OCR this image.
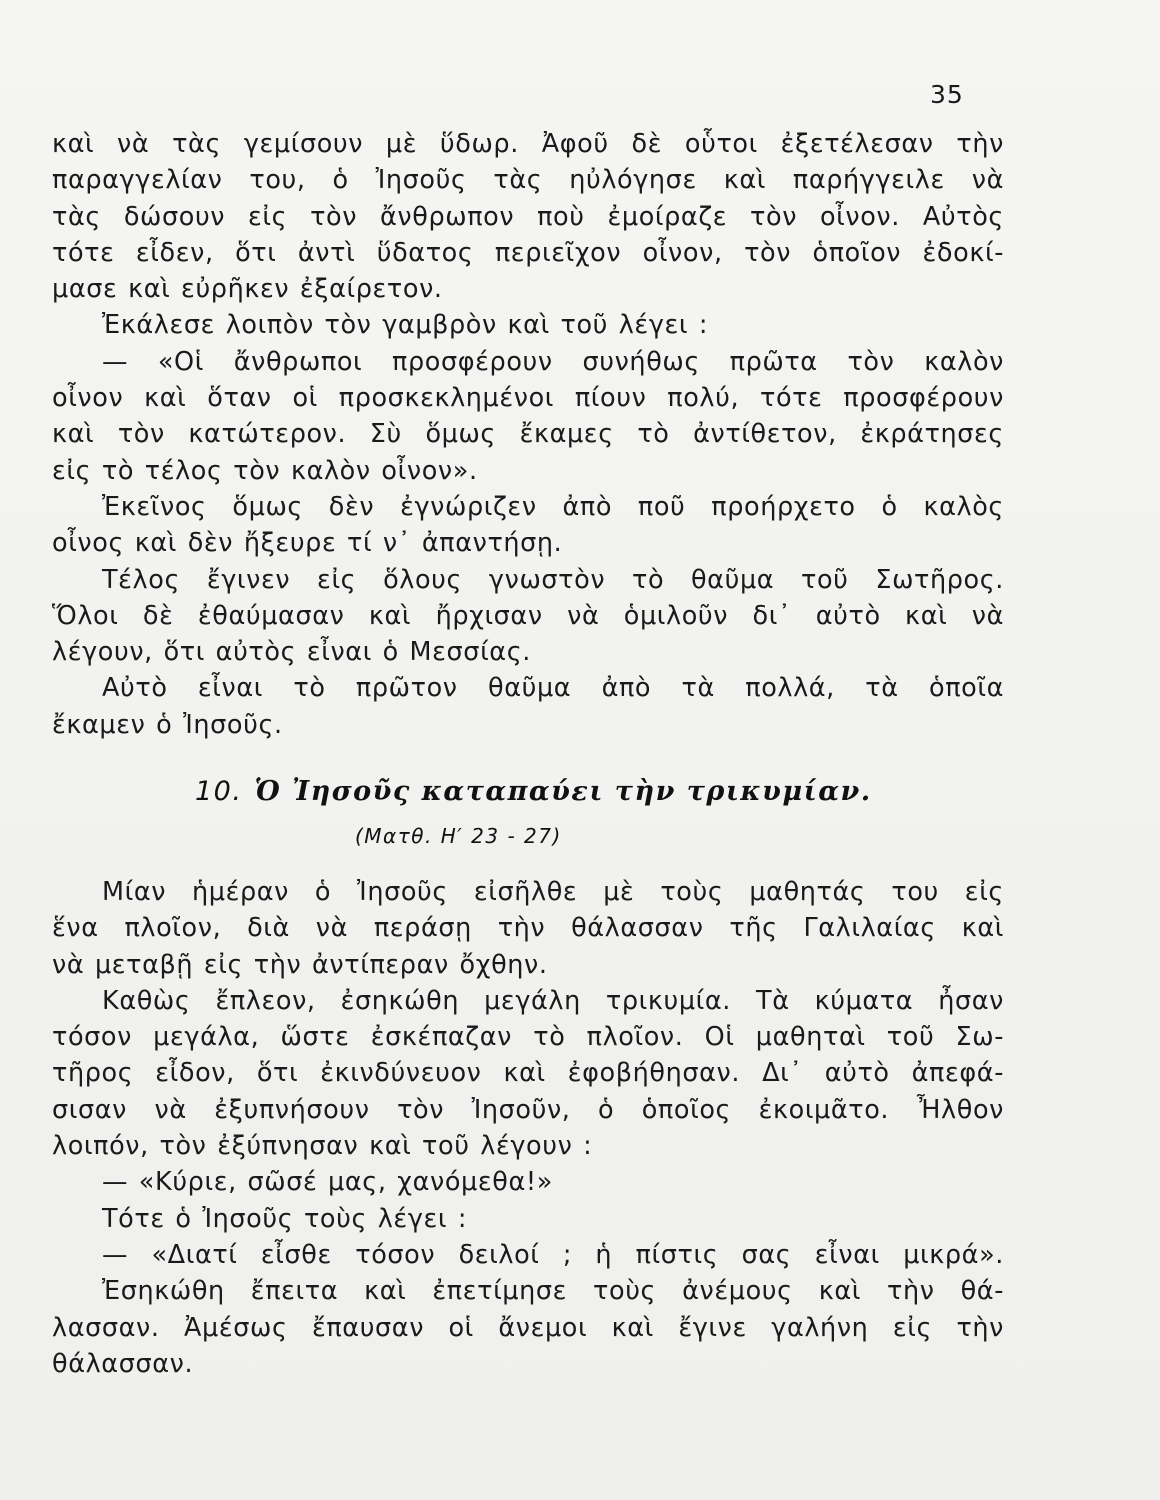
35
καὶ νὰ τὰς γεμίσουν μὲ ὕδωρ. Ἀφοῦ δὲ οὗτοι ἐξετέλεσαν τὴν
παραγγελίαν του, ὁ Ἰησοῦς τὰς ηὐλόγησε καὶ παρήγγειλε νὰ
τὰς δώσουν εἰς τὸν ἄνθρωπον ποὺ ἐμοίραζε τὸν οἶνον. Αὐτὸς
τότε εἶδεν, ὅτι ἀντὶ ὕδατος περιεῖχον οἶνον, τὸν ὁποῖον ἐδοκί-
μασε καὶ εὐρῆκεν ἐξαίρετον.
Ἐκάλεσε λοιπὸν τὸν γαμβρὸν καὶ τοῦ λέγει :
— «Οἱ ἄνθρωποι προσφέρουν συνήθως πρῶτα τὸν καλὸν
οἶνον καὶ ὅταν οἱ προσκεκλημένοι πίουν πολύ, τότε προσφέρουν
καὶ τὸν κατώτερον. Σὺ ὅμως ἔκαμες τὸ ἀντίθετον, ἐκράτησες
εἰς τὸ τέλος τὸν καλὸν οἶνον».
Ἐκεῖνος ὅμως δὲν ἐγνώριζεν ἀπὸ ποῦ προήρχετο ὁ καλὸς
οἶνος καὶ δὲν ἤξευρε τί ν᾽ ἀπαντήσῃ.
Τέλος ἔγινεν εἰς ὅλους γνωστὸν τὸ θαῦμα τοῦ Σωτῆρος.
Ὅλοι δὲ ἐθαύμασαν καὶ ἤρχισαν νὰ ὁμιλοῦν δι᾽ αὐτὸ καὶ νὰ
λέγουν, ὅτι αὐτὸς εἶναι ὁ Μεσσίας.
Αὐτὸ εἶναι τὸ πρῶτον θαῦμα ἀπὸ τὰ πολλά, τὰ ὁποῖα
ἔκαμεν ὁ Ἰησοῦς.
10. Ὁ Ἰησοῦς καταπαύει τὴν τρικυμίαν.
(Ματθ. Η′ 23 - 27)
Μίαν ἡμέραν ὁ Ἰησοῦς εἰσῆλθε μὲ τοὺς μαθητάς του εἰς
ἕνα πλοῖον, διὰ νὰ περάσῃ τὴν θάλασσαν τῆς Γαλιλαίας καὶ
νὰ μεταβῇ εἰς τὴν ἀντίπεραν ὄχθην.
Καθὼς ἔπλεον, ἐσηκώθη μεγάλη τρικυμία. Τὰ κύματα ἦσαν
τόσον μεγάλα, ὥστε ἐσκέπαζαν τὸ πλοῖον. Οἱ μαθηταὶ τοῦ Σω-
τῆρος εἶδον, ὅτι ἐκινδύνευον καὶ ἐφοβήθησαν. Δι᾽ αὐτὸ ἀπεφά-
σισαν νὰ ἐξυπνήσουν τὸν Ἰησοῦν, ὁ ὁποῖος ἐκοιμᾶτο. Ἦλθον
λοιπόν, τὸν ἐξύπνησαν καὶ τοῦ λέγουν :
— «Κύριε, σῶσέ μας, χανόμεθα!»
Τότε ὁ Ἰησοῦς τοὺς λέγει :
— «Διατί εἶσθε τόσον δειλοί ; ἡ πίστις σας εἶναι μικρά».
Ἐσηκώθη ἔπειτα καὶ ἐπετίμησε τοὺς ἀνέμους καὶ τὴν θά-
λασσαν. Ἀμέσως ἔπαυσαν οἱ ἄνεμοι καὶ ἔγινε γαλήνη εἰς τὴν
θάλασσαν.
